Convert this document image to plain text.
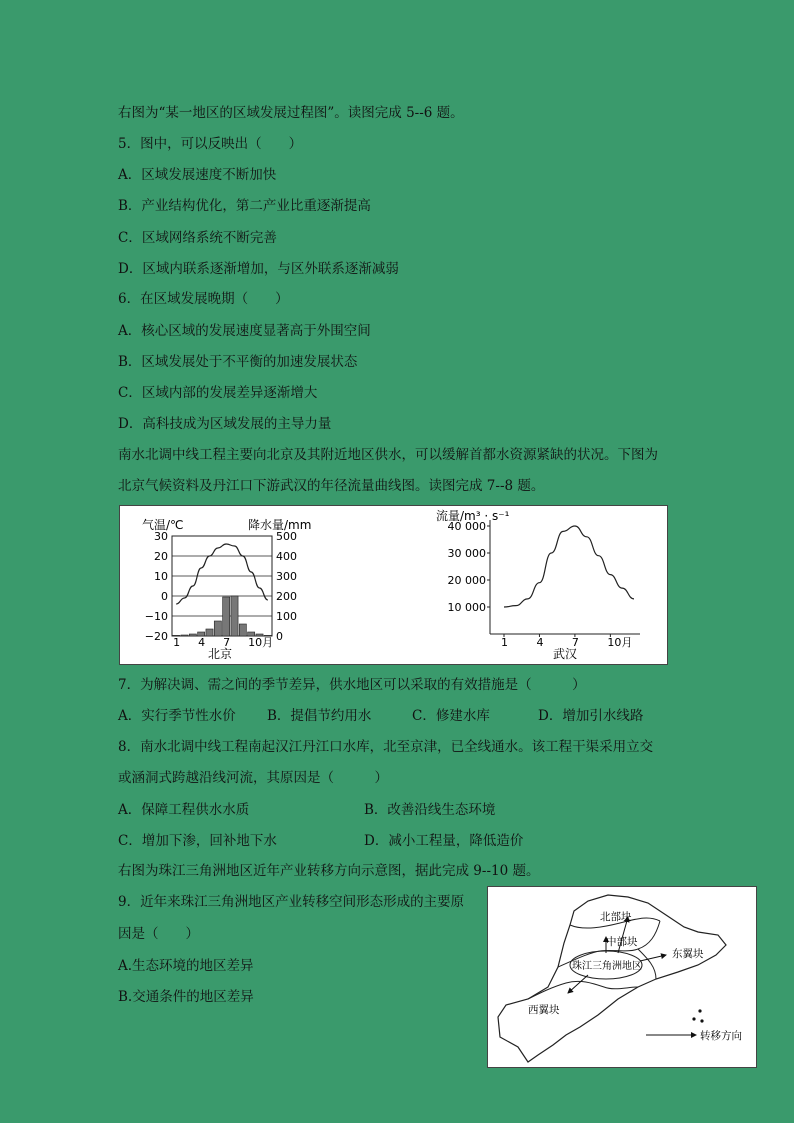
右图为“某一地区的区域发展过程图”。读图完成 5--6 题。
5．图中，可以反映出（　　）
A．区域发展速度不断加快
B．产业结构优化，第二产业比重逐渐提高
C．区域网络系统不断完善
D．区域内联系逐渐增加，与区外联系逐渐减弱
6．在区域发展晚期（　　）
A．核心区域的发展速度显著高于外围空间
B．区域发展处于不平衡的加速发展状态
C．区域内部的发展差异逐渐增大
D．高科技成为区域发展的主导力量
南水北调中线工程主要向北京及其附近地区供水，可以缓解首都水资源紧缺的状况。下图为
北京气候资料及丹江口下游武汉的年径流量曲线图。读图完成 7--8 题。
气温/℃	降水量/mm
30	500
20	400
10	300
0	200
−10	100
−20	0
1 4 7 10月
北京
流量/m³ · s⁻¹
40 000
30 000
20 000
10 000
1	4	7	10月
武汉
7．为解决调、需之间的季节差异，供水地区可以采取的有效措施是（　　　）
A．实行季节性水价 B．提倡节约用水	C．修建水库	D．增加引水线路
8．南水北调中线工程南起汉江丹江口水库，北至京津，已全线通水。该工程干渠采用立交
或涵洞式跨越沿线河流，其原因是（　　　）
A．保障工程供水水质	B．改善沿线生态环境
C．增加下渗，回补地下水	D．减小工程量，降低造价
右图为珠江三角洲地区近年产业转移方向示意图，据此完成 9--10 题。
9．近年来珠江三角洲地区产业转移空间形态形成的主要原
因是（　　）
A.生态环境的地区差异
B.交通条件的地区差异
北部块
中部块
东翼块
西翼块
珠江三角洲地区
转移方向
